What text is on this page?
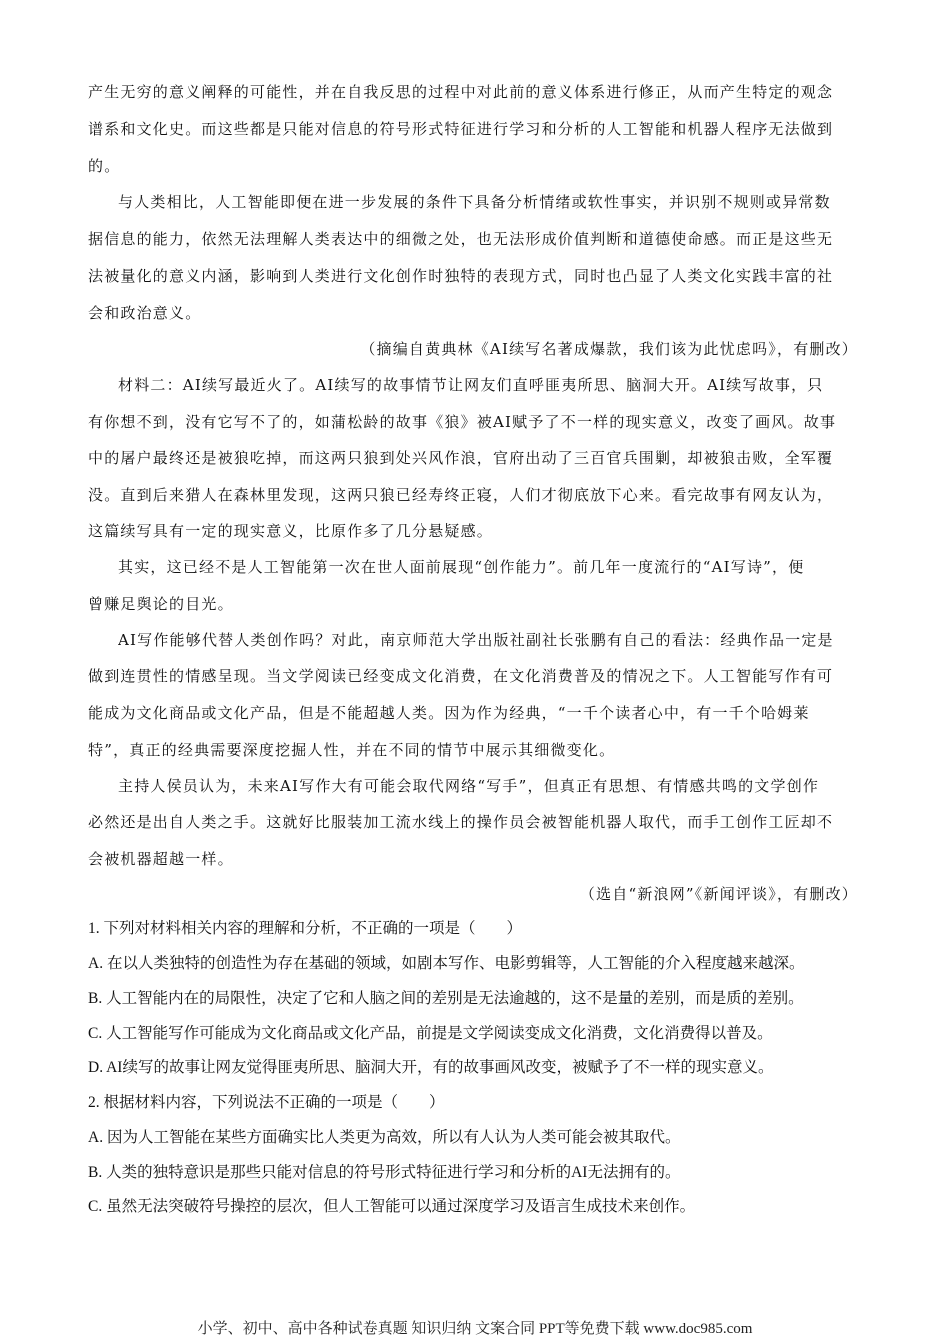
产生无穷的意义阐释的可能性，并在自我反思的过程中对此前的意义体系进行修正，从而产生特定的观念
谱系和文化史。而这些都是只能对信息的符号形式特征进行学习和分析的人工智能和机器人程序无法做到
的。
与人类相比，人工智能即便在进一步发展的条件下具备分析情绪或软性事实，并识别不规则或异常数
据信息的能力，依然无法理解人类表达中的细微之处，也无法形成价值判断和道德使命感。而正是这些无
法被量化的意义内涵，影响到人类进行文化创作时独特的表现方式，同时也凸显了人类文化实践丰富的社
会和政治意义。
（摘编自黄典林《AI续写名著成爆款，我们该为此忧虑吗》，有删改）
材料二：AI续写最近火了。AI续写的故事情节让网友们直呼匪夷所思、脑洞大开。AI续写故事，只
有你想不到，没有它写不了的，如蒲松龄的故事《狼》被AI赋予了不一样的现实意义，改变了画风。故事
中的屠户最终还是被狼吃掉，而这两只狼到处兴风作浪，官府出动了三百官兵围剿，却被狼击败，全军覆
没。直到后来猎人在森林里发现，这两只狼已经寿终正寝，人们才彻底放下心来。看完故事有网友认为，
这篇续写具有一定的现实意义，比原作多了几分悬疑感。
其实，这已经不是人工智能第一次在世人面前展现“创作能力”。前几年一度流行的“AI写诗”，便
曾赚足舆论的目光。
AI写作能够代替人类创作吗？对此，南京师范大学出版社副社长张鹏有自己的看法：经典作品一定是
做到连贯性的情感呈现。当文学阅读已经变成文化消费，在文化消费普及的情况之下。人工智能写作有可
能成为文化商品或文化产品，但是不能超越人类。因为作为经典，“一千个读者心中，有一千个哈姆莱
特”，真正的经典需要深度挖掘人性，并在不同的情节中展示其细微变化。
主持人侯员认为，未来AI写作大有可能会取代网络“写手”，但真正有思想、有情感共鸣的文学创作
必然还是出自人类之手。这就好比服装加工流水线上的操作员会被智能机器人取代，而手工创作工匠却不
会被机器超越一样。
（选自“新浪网”《新闻评谈》，有删改）
1. 下列对材料相关内容的理解和分析，不正确的一项是（　　）
A. 在以人类独特的创造性为存在基础的领域，如剧本写作、电影剪辑等，人工智能的介入程度越来越深。
B. 人工智能内在的局限性，决定了它和人脑之间的差别是无法逾越的，这不是量的差别，而是质的差别。
C. 人工智能写作可能成为文化商品或文化产品，前提是文学阅读变成文化消费，文化消费得以普及。
D. AI续写的故事让网友觉得匪夷所思、脑洞大开，有的故事画风改变，被赋予了不一样的现实意义。
2. 根据材料内容，下列说法不正确的一项是（　　）
A. 因为人工智能在某些方面确实比人类更为高效，所以有人认为人类可能会被其取代。
B. 人类的独特意识是那些只能对信息的符号形式特征进行学习和分析的AI无法拥有的。
C. 虽然无法突破符号操控的层次，但人工智能可以通过深度学习及语言生成技术来创作。
小学、初中、高中各种试卷真题 知识归纳 文案合同 PPT等免费下载 www.doc985.com
